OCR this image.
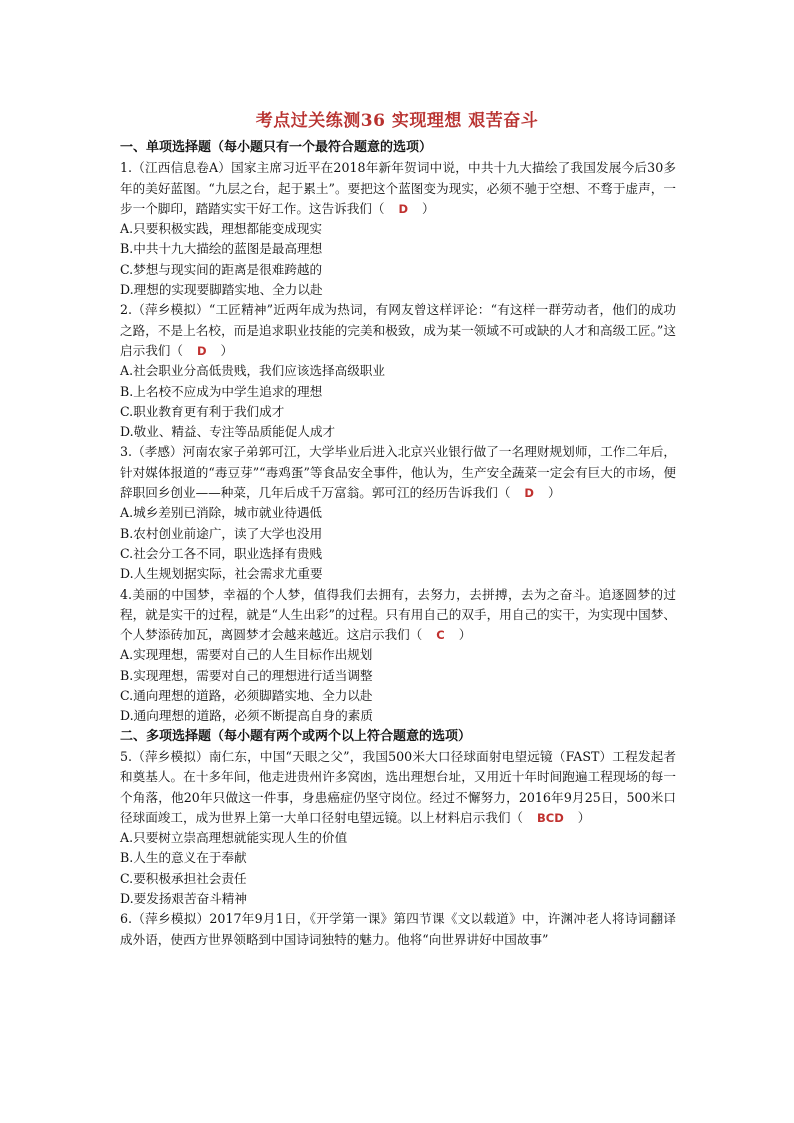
考点过关练测36 实现理想 艰苦奋斗
一、单项选择题（每小题只有一个最符合题意的选项）
1.（江西信息卷A）国家主席习近平在2018年新年贺词中说，中共十九大描绘了我国发展今后30多年的美好蓝图。“九层之台，起于累土”。要把这个蓝图变为现实，必须不驰于空想、不骛于虚声，一步一个脚印，踏踏实实干好工作。这告诉我们（ D ）
A.只要积极实践，理想都能变成现实
B.中共十九大描绘的蓝图是最高理想
C.梦想与现实间的距离是很难跨越的
D.理想的实现要脚踏实地、全力以赴
2.（萍乡模拟）“工匠精神”近两年成为热词，有网友曾这样评论：“有这样一群劳动者，他们的成功之路，不是上名校，而是追求职业技能的完美和极致，成为某一领域不可或缺的人才和高级工匠。”这启示我们（ D ）
A.社会职业分高低贵贱，我们应该选择高级职业
B.上名校不应成为中学生追求的理想
C.职业教育更有利于我们成才
D.敬业、精益、专注等品质能促人成才
3.（孝感）河南农家子弟郭可江，大学毕业后进入北京兴业银行做了一名理财规划师，工作二年后，针对媒体报道的“毒豆芽”“毒鸡蛋”等食品安全事件，他认为，生产安全蔬菜一定会有巨大的市场，便辞职回乡创业——种菜，几年后成千万富翁。郭可江的经历告诉我们（ D ）
A.城乡差别已消除，城市就业待遇低
B.农村创业前途广，读了大学也没用
C.社会分工各不同，职业选择有贵贱
D.人生规划据实际，社会需求尤重要
4.美丽的中国梦，幸福的个人梦，值得我们去拥有，去努力，去拼搏，去为之奋斗。追逐圆梦的过程，就是实干的过程，就是“人生出彩”的过程。只有用自己的双手，用自己的实干，为实现中国梦、个人梦添砖加瓦，离圆梦才会越来越近。这启示我们（ C ）
A.实现理想，需要对自己的人生目标作出规划
B.实现理想，需要对自己的理想进行适当调整
C.通向理想的道路，必须脚踏实地、全力以赴
D.通向理想的道路，必须不断提高自身的素质
二、多项选择题（每小题有两个或两个以上符合题意的选项）
5.（萍乡模拟）南仁东，中国“天眼之父”，我国500米大口径球面射电望远镜（FAST）工程发起者和奠基人。在十多年间，他走进贵州许多窝凼，选出理想台址，又用近十年时间跑遍工程现场的每一个角落，他20年只做这一件事，身患癌症仍坚守岗位。经过不懈努力，2016年9月25日，500米口径球面竣工，成为世界上第一大单口径射电望远镜。以上材料启示我们（ BCD ）
A.只要树立崇高理想就能实现人生的价值
B.人生的意义在于奉献
C.要积极承担社会责任
D.要发扬艰苦奋斗精神
6.（萍乡模拟）2017年9月1日，《开学第一课》第四节课《文以载道》中，许渊冲老人将诗词翻译成外语，使西方世界领略到中国诗词独特的魅力。他将“向世界讲好中国故事”
